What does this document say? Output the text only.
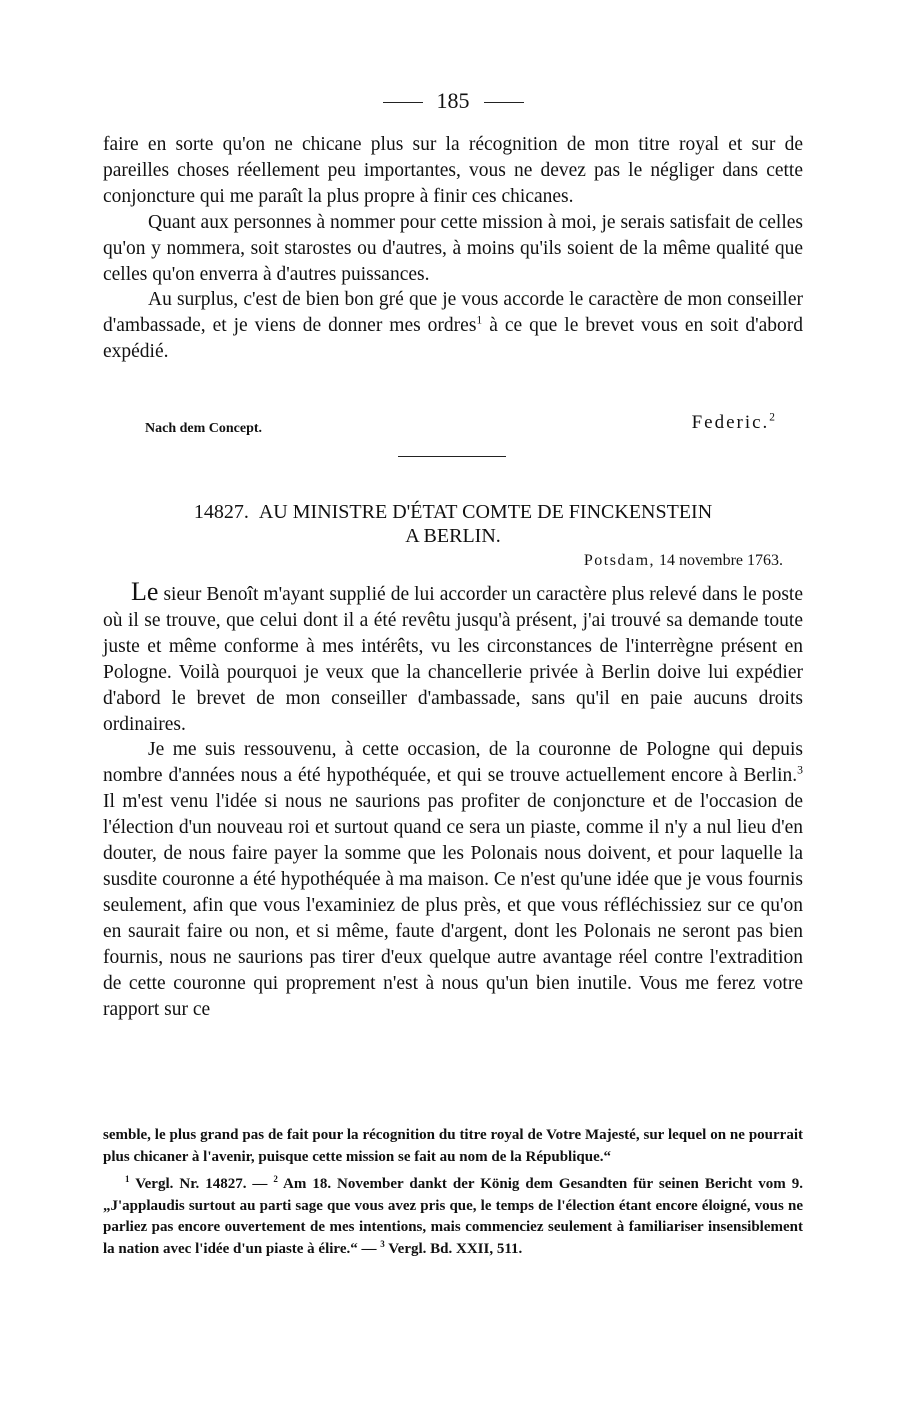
185

faire en sorte qu'on ne chicane plus sur la récognition de mon titre royal et sur de pareilles choses réellement peu importantes, vous ne devez pas le négliger dans cette conjoncture qui me paraît la plus propre à finir ces chicanes.

Quant aux personnes à nommer pour cette mission à moi, je serais satisfait de celles qu'on y nommera, soit starostes ou d'autres, à moins qu'ils soient de la même qualité que celles qu'on enverra à d'autres puissances.

Au surplus, c'est de bien bon gré que je vous accorde le caractère de mon conseiller d'ambassade, et je viens de donner mes ordres$^1$ à ce que le brevet vous en soit d'abord expédié.

Nach dem Concept.	Federic.$^2$
14827. AU MINISTRE D'ÉTAT COMTE DE FINCKENSTEIN
A BERLIN.
Potsdam, 14 novembre 1763.

Le sieur Benoît m'ayant supplié de lui accorder un caractère plus relevé dans le poste où il se trouve, que celui dont il a été revêtu jusqu'à présent, j'ai trouvé sa demande toute juste et même conforme à mes intérêts, vu les circonstances de l'interrègne présent en Pologne. Voilà pourquoi je veux que la chancellerie privée à Berlin doive lui expédier d'abord le brevet de mon conseiller d'ambassade, sans qu'il en paie aucuns droits ordinaires.

Je me suis ressouvenu, à cette occasion, de la couronne de Pologne qui depuis nombre d'années nous a été hypothéquée, et qui se trouve actuellement encore à Berlin.$^3$ Il m'est venu l'idée si nous ne saurions pas profiter de conjoncture et de l'occasion de l'élection d'un nouveau roi et surtout quand ce sera un piaste, comme il n'y a nul lieu d'en douter, de nous faire payer la somme que les Polonais nous doivent, et pour laquelle la susdite couronne a été hypothéquée à ma maison. Ce n'est qu'une idée que je vous fournis seulement, afin que vous l'examiniez de plus près, et que vous réfléchissiez sur ce qu'on en saurait faire ou non, et si même, faute d'argent, dont les Polonais ne seront pas bien fournis, nous ne saurions pas tirer d'eux quelque autre avantage réel contre l'extradition de cette couronne qui proprement n'est à nous qu'un bien inutile. Vous me ferez votre rapport sur ce

semble, le plus grand pas de fait pour la récognition du titre royal de Votre Majesté, sur lequel on ne pourrait plus chicaner à l'avenir, puisque cette mission se fait au nom de la République.“

$^1$ Vergl. Nr. 14827. — $^2$ Am 18. November dankt der König dem Gesandten für seinen Bericht vom 9. „J'applaudis surtout au parti sage que vous avez pris que, le temps de l'élection étant encore éloigné, vous ne parliez pas encore ouvertement de mes intentions, mais commenciez seulement à familiariser insensiblement la nation avec l'idée d'un piaste à élire.“ — $^3$ Vergl. Bd. XXII, 511.
